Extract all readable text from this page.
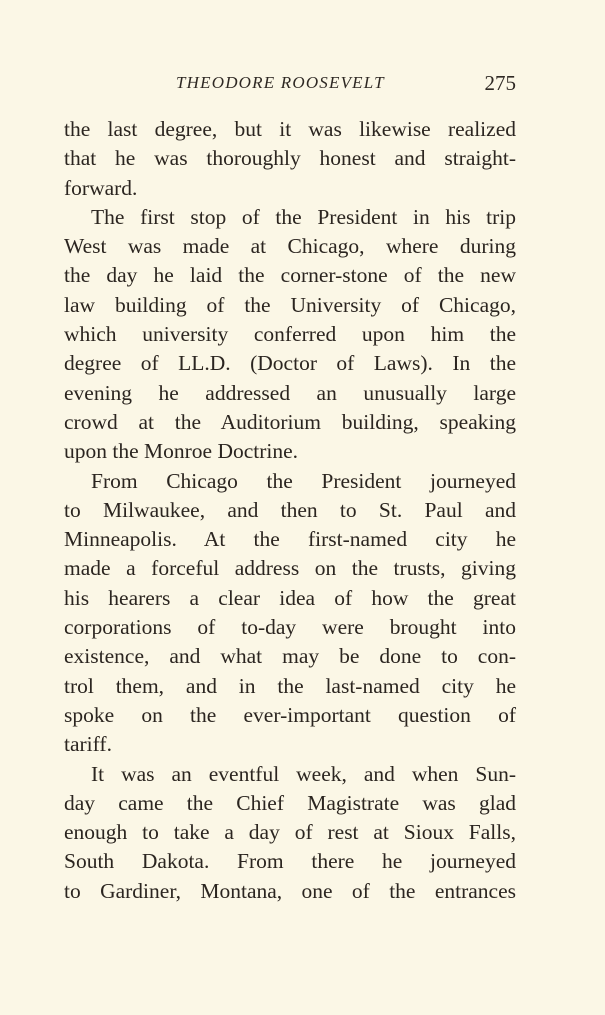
THEODORE ROOSEVELT	275
the last degree, but it was likewise realized
that he was thoroughly honest and straight-
forward.
The first stop of the President in his trip
West was made at Chicago, where during
the day he laid the corner-stone of the new
law building of the University of Chicago,
which university conferred upon him the
degree of LL.D. (Doctor of Laws). In the
evening he addressed an unusually large
crowd at the Auditorium building, speaking
upon the Monroe Doctrine.
From Chicago the President journeyed
to Milwaukee, and then to St. Paul and
Minneapolis. At the first-named city he
made a forceful address on the trusts, giving
his hearers a clear idea of how the great
corporations of to-day were brought into
existence, and what may be done to con-
trol them, and in the last-named city he
spoke on the ever-important question of
tariff.
It was an eventful week, and when Sun-
day came the Chief Magistrate was glad
enough to take a day of rest at Sioux Falls,
South Dakota. From there he journeyed
to Gardiner, Montana, one of the entrances
